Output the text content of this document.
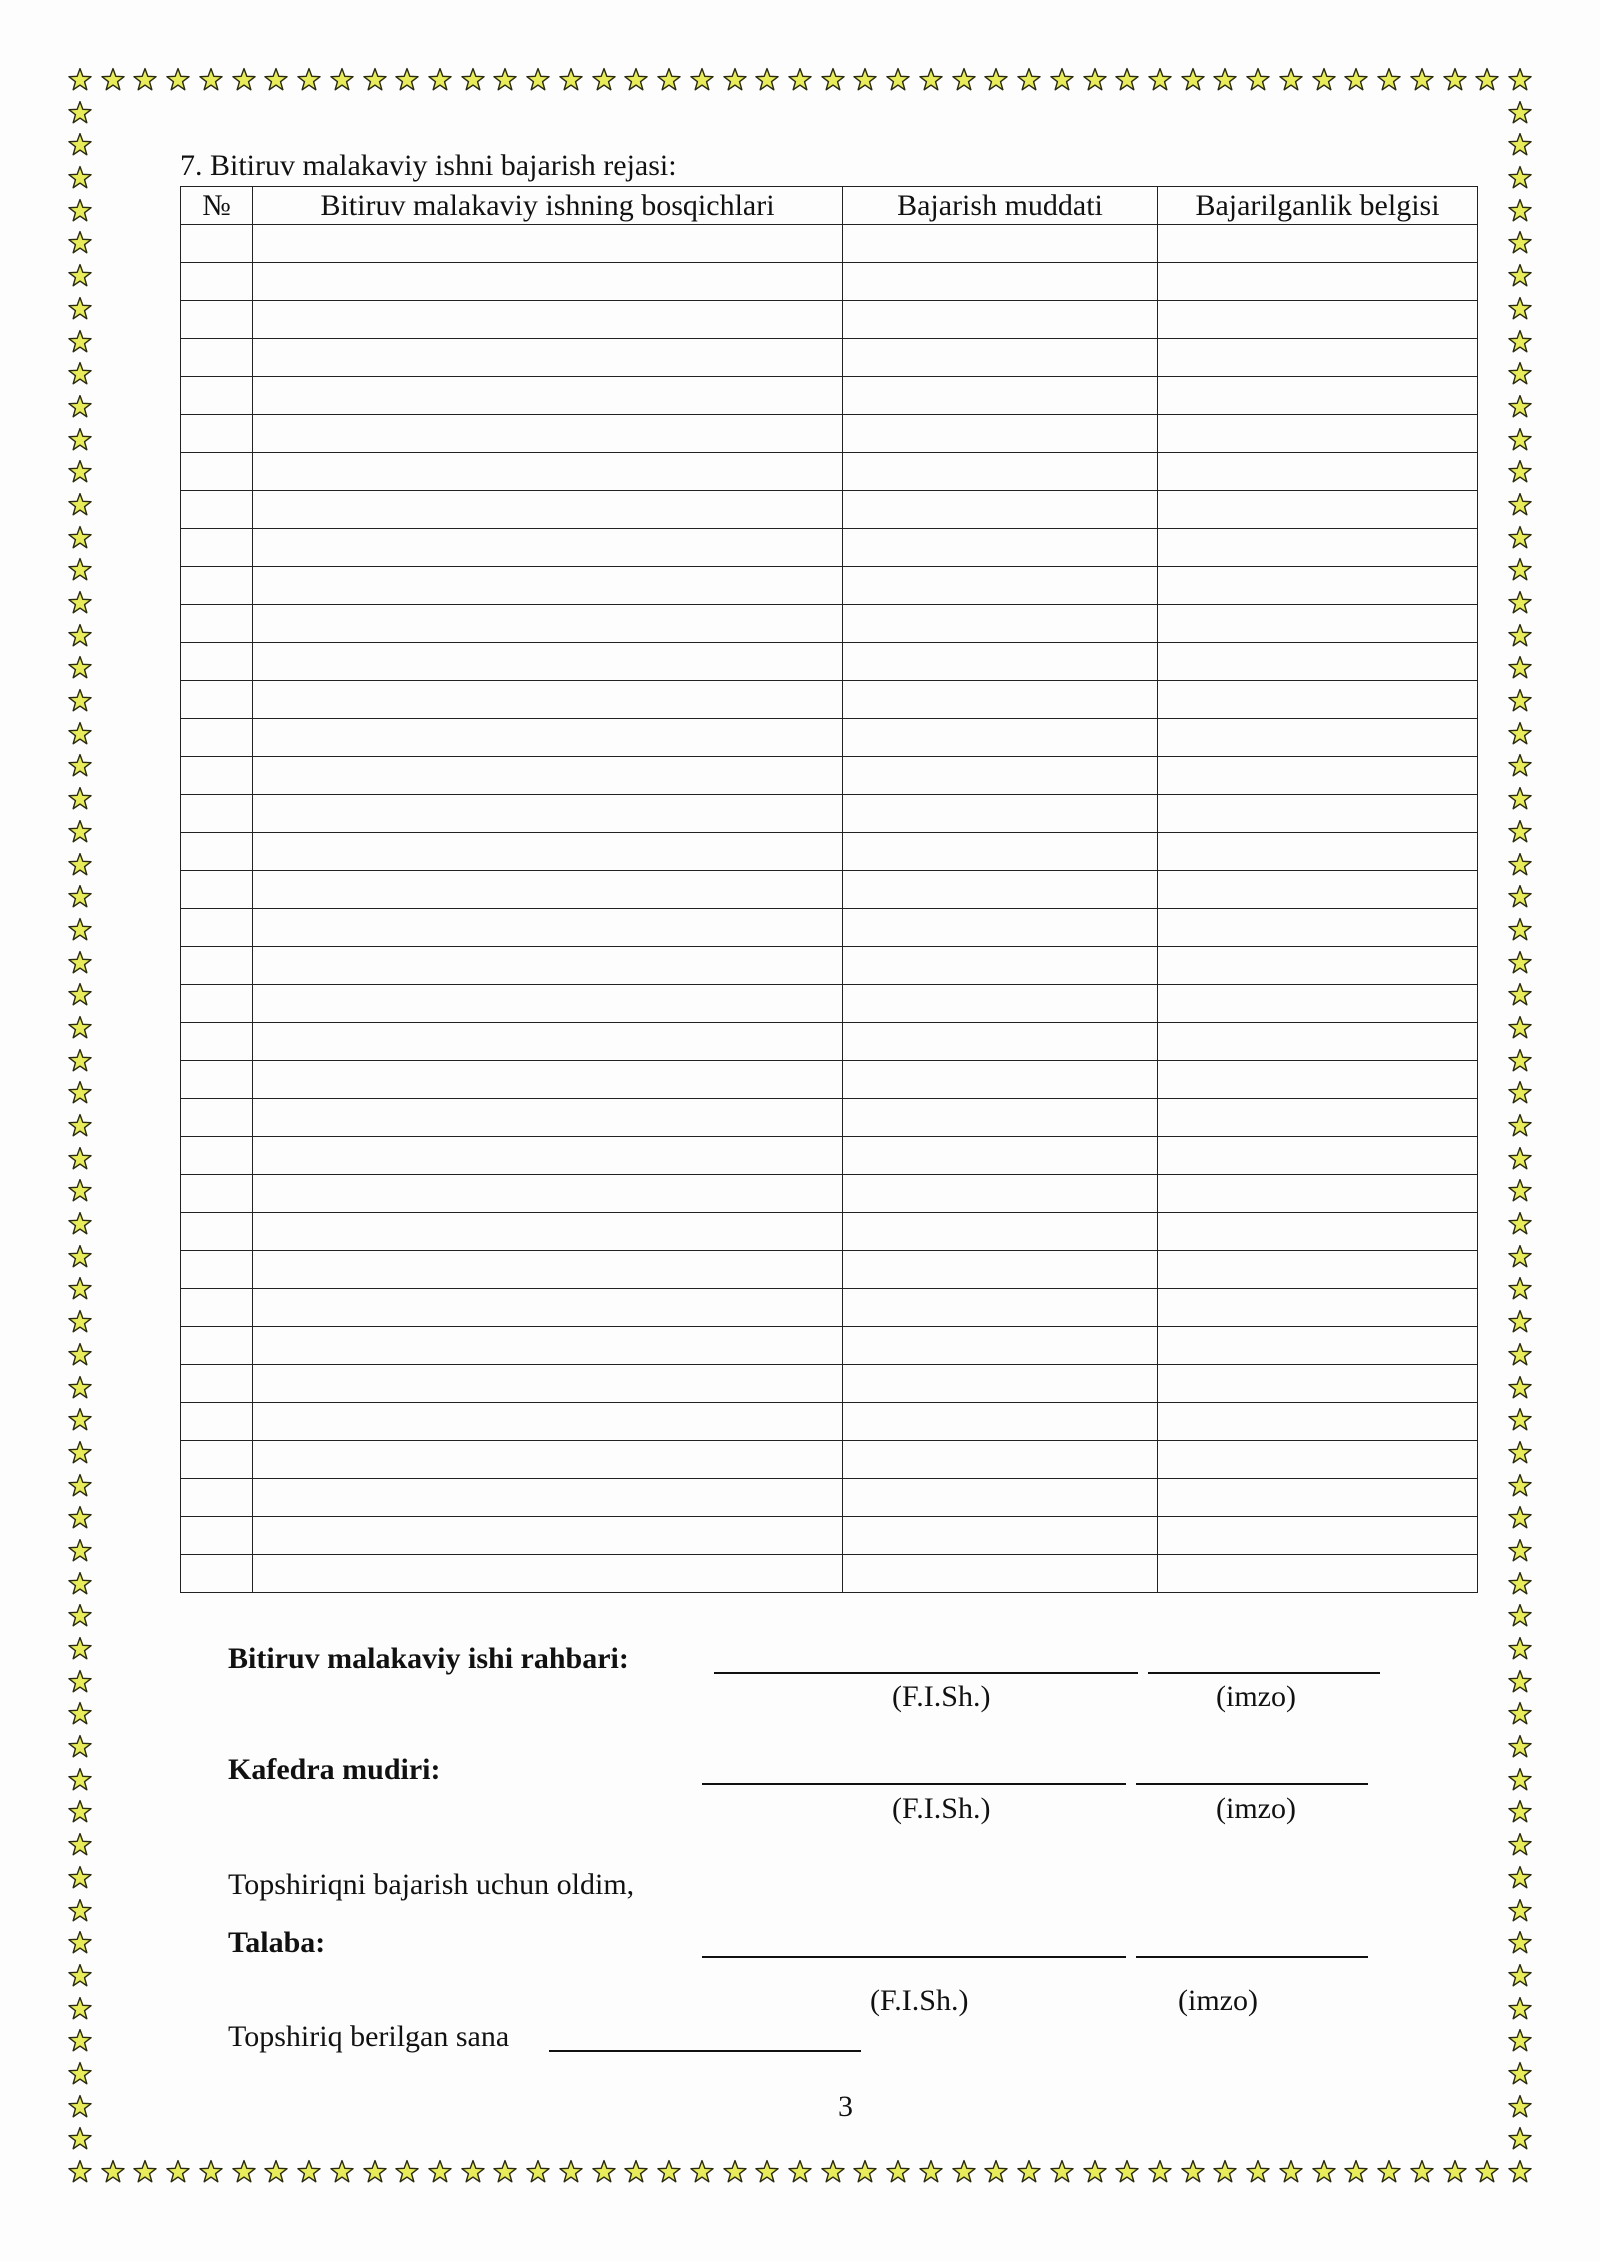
7. Bitiruv malakaviy ishni bajarish rejasi:
№	Bitiruv malakaviy ishning bosqichlari	Bajarish muddati	Bajarilganlik belgisi

Bitiruv malakaviy ishi rahbari:
(F.I.Sh.)	(imzo)
Kafedra mudiri:
(F.I.Sh.)	(imzo)
Topshiriqni bajarish uchun oldim,
Talaba:
(F.I.Sh.)	(imzo)
Topshiriq berilgan sana
3
